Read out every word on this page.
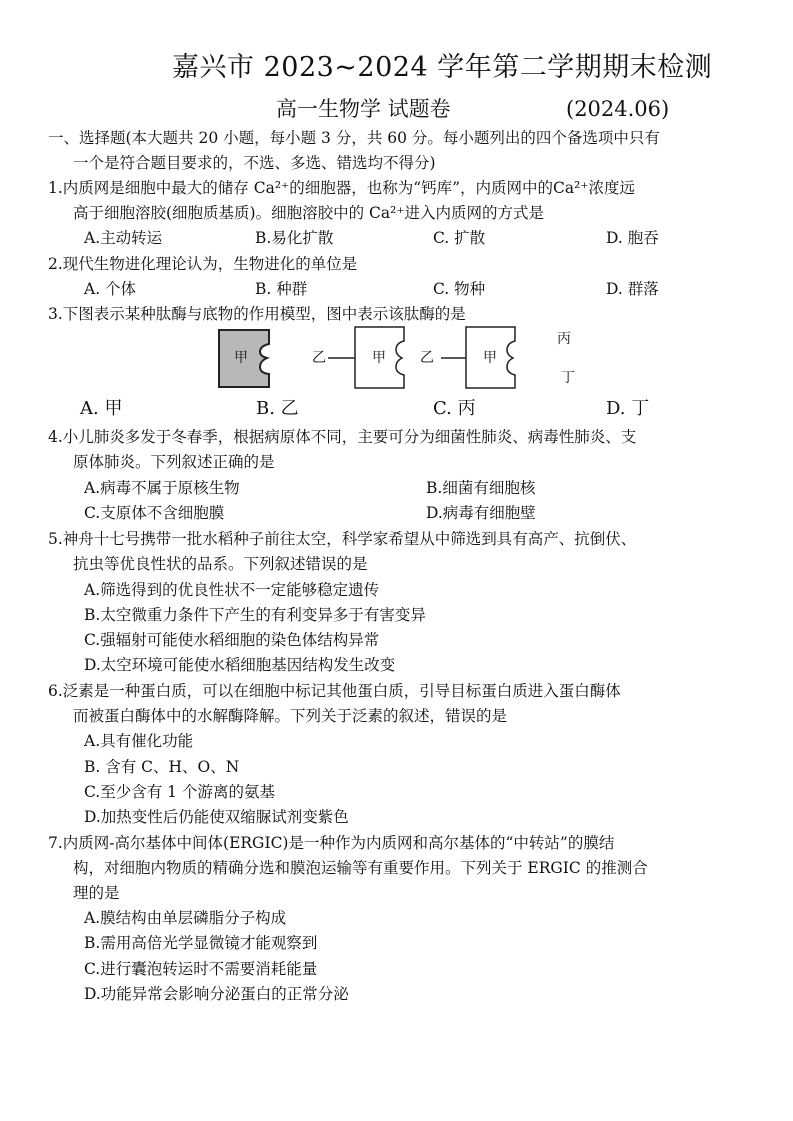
嘉兴市 2023~2024 学年第二学期期末检测
高一生物学 试题卷	(2024.06)
一、选择题(本大题共 20 小题，每小题 3 分，共 60 分。每小题列出的四个备选项中只有
一个是符合题目要求的，不选、多选、错选均不得分)
1.内质网是细胞中最大的储存 Ca²⁺的细胞器，也称为“钙库”，内质网中的Ca²⁺浓度远
高于细胞溶胶(细胞质基质)。细胞溶胶中的 Ca²⁺进入内质网的方式是
A.主动转运	B.易化扩散	C. 扩散	D. 胞吞
2.现代生物进化理论认为，生物进化的单位是
A. 个体	B. 种群	C. 物种	D. 群落
3.下图表示某种肽酶与底物的作用模型，图中表示该肽酶的是
甲	乙	甲 乙	甲
丙
丁
A. 甲	B. 乙	C. 丙	D. 丁
4.小儿肺炎多发于冬春季，根据病原体不同，主要可分为细菌性肺炎、病毒性肺炎、支
原体肺炎。下列叙述正确的是
A.病毒不属于原核生物	B.细菌有细胞核
C.支原体不含细胞膜	D.病毒有细胞壁
5.神舟十七号携带一批水稻种子前往太空，科学家希望从中筛选到具有高产、抗倒伏、
抗虫等优良性状的品系。下列叙述错误的是
A.筛选得到的优良性状不一定能够稳定遗传
B.太空微重力条件下产生的有利变异多于有害变异
C.强辐射可能使水稻细胞的染色体结构异常
D.太空环境可能使水稻细胞基因结构发生改变
6.泛素是一种蛋白质，可以在细胞中标记其他蛋白质，引导目标蛋白质进入蛋白酶体
而被蛋白酶体中的水解酶降解。下列关于泛素的叙述，错误的是
A.具有催化功能
B. 含有 C、H、O、N
C.至少含有 1 个游离的氨基
D.加热变性后仍能使双缩脲试剂变紫色
7.内质网-高尔基体中间体(ERGIC)是一种作为内质网和高尔基体的“中转站”的膜结
构，对细胞内物质的精确分选和膜泡运输等有重要作用。下列关于 ERGIC 的推测合
理的是
A.膜结构由单层磷脂分子构成
B.需用高倍光学显微镜才能观察到
C.进行囊泡转运时不需要消耗能量
D.功能异常会影响分泌蛋白的正常分泌
